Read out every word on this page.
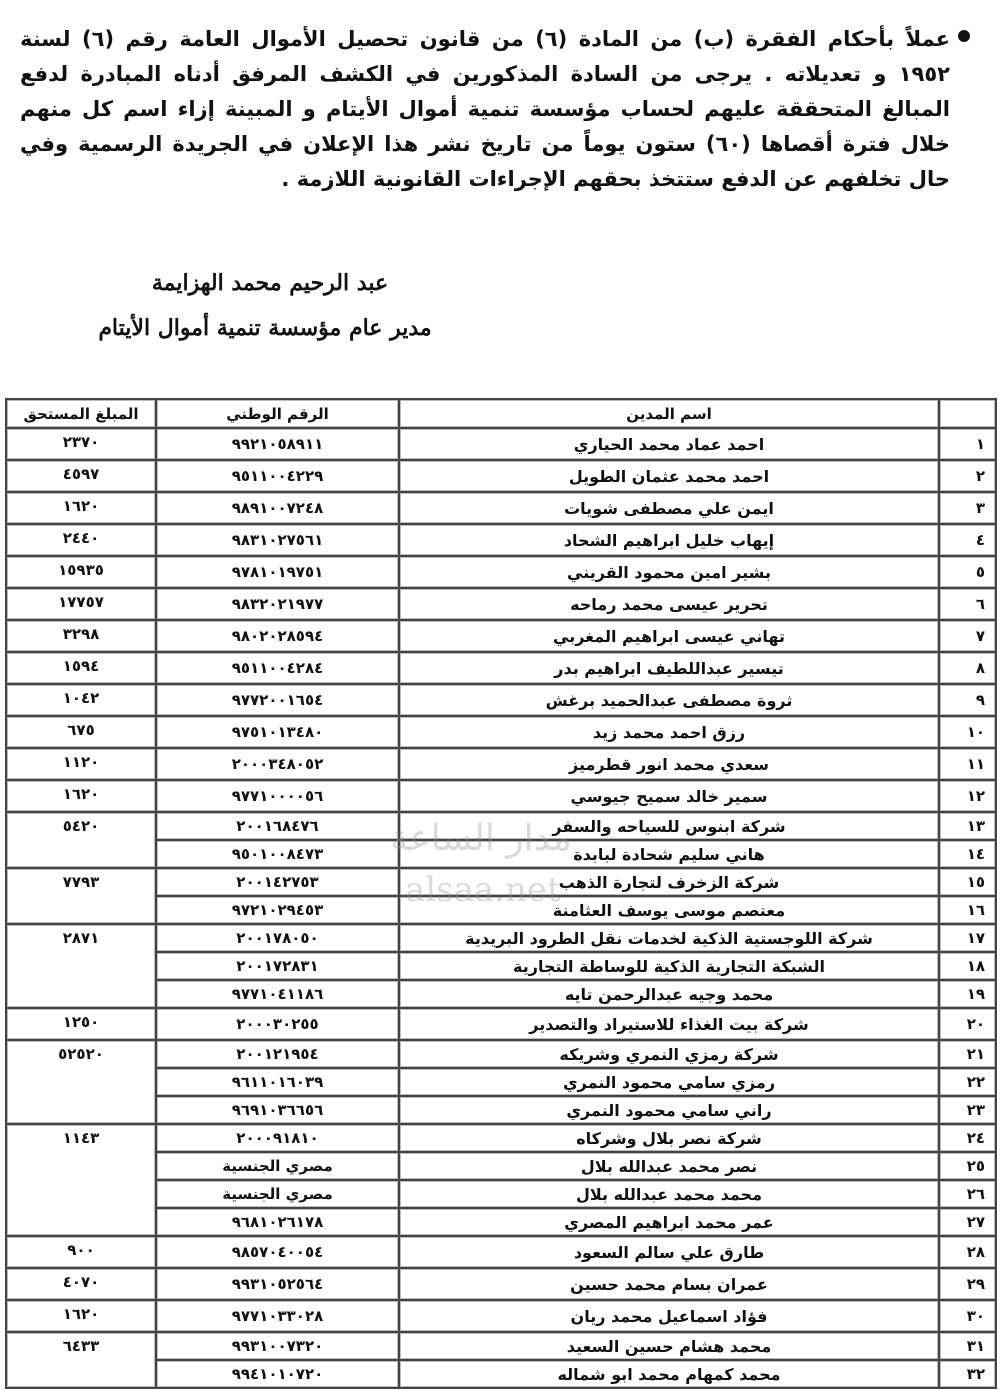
عملاً بأحكام الفقرة (ب) من المادة (٦) من قانون تحصيل الأموال العامة رقم (٦) لسنة ١٩٥٢ و تعديلاته . يرجى من السادة المذكورين في الكشف المرفق أدناه المبادرة لدفع المبالغ المتحققة عليهم لحساب مؤسسة تنمية أموال الأيتام و المبينة إزاء اسم كل منهم خلال فترة أقصاها (٦٠) ستون يوماً من تاريخ نشر هذا الإعلان في الجريدة الرسمية وفي حال تخلفهم عن الدفع ستتخذ بحقهم الإجراءات القانونية اللازمة .
عبد الرحيم محمد الهزايمة
مدير عام مؤسسة تنمية أموال الأيتام
	اسم المدين	الرقم الوطني	المبلغ المستحق
١	احمد عماد محمد الحياري	٩٩٢١٠٥٨٩١١	٢٣٧٠
٢	احمد محمد عثمان الطويل	٩٥١١٠٠٤٢٢٩	٤٥٩٧
٣	ايمن علي مصطفى شويات	٩٨٩١٠٠٧٢٤٨	١٦٢٠
٤	إيهاب خليل ابراهيم الشحاد	٩٨٣١٠٢٧٥٦١	٢٤٤٠
٥	بشير امين محمود القريني	٩٧٨١٠١٩٧٥١	١٥٩٣٥
٦	تحرير عيسى محمد رماحه	٩٨٣٢٠٢١٩٧٧	١٧٧٥٧
٧	تهاني عيسى ابراهيم المغربي	٩٨٠٢٠٢٨٥٩٤	٣٢٩٨
٨	تيسير عبداللطيف ابراهيم بدر	٩٥١١٠٠٤٢٨٤	١٥٩٤
٩	ثروة مصطفى عبدالحميد برغش	٩٧٧٢٠٠١٦٥٤	١٠٤٢
١٠	رزق احمد محمد زيد	٩٧٥١٠١٣٤٨٠	٦٧٥
١١	سعدي محمد انور قطرميز	٢٠٠٠٣٤٨٠٥٢	١١٢٠
١٢	سمير خالد سميح جيوسي	٩٧٧١٠٠٠٠٥٦	١٦٢٠
١٣	شركة ابنوس للسياحه والسفر	٢٠٠١٦٨٤٧٦	٥٤٢٠
١٤	هاني سليم شحادة لبابدة	٩٥٠١٠٠٨٤٧٣	
١٥	شركة الزخرف لتجارة الذهب	٢٠٠١٤٢٧٥٣	٧٧٩٣
١٦	معتصم موسى يوسف العثامنة	٩٧٢١٠٢٩٤٥٣	
١٧	شركة اللوجستية الذكية لخدمات نقل الطرود البريدية	٢٠٠١٧٨٠٥٠	٢٨٧١
١٨	الشبكة التجارية الذكية للوساطة التجارية	٢٠٠١٧٢٨٣١	
١٩	محمد وجيه عبدالرحمن تايه	٩٧٧١٠٤١١٨٦	
٢٠	شركة بيت الغذاء للاستيراد والتصدير	٢٠٠٠٣٠٢٥٥	١٢٥٠
٢١	شركة رمزي النمري وشريكه	٢٠٠١٢١٩٥٤	٥٢٥٢٠
٢٢	رمزي سامي محمود النمري	٩٦١١٠١٦٠٣٩	
٢٣	راني سامي محمود النمري	٩٦٩١٠٣٦٦٥٦	
٢٤	شركة نصر بلال وشركاه	٢٠٠٠٩١٨١٠	١١٤٣
٢٥	نصر محمد عبدالله بلال	مصري الجنسية	
٢٦	محمد محمد عبدالله بلال	مصري الجنسية	
٢٧	عمر محمد ابراهيم المصري	٩٦٨١٠٢٦١٧٨	
٢٨	طارق علي سالم السعود	٩٨٥٧٠٤٠٠٥٤	٩٠٠
٢٩	عمران بسام محمد حسين	٩٩٣١٠٥٢٥٦٤	٤٠٧٠
٣٠	فؤاد اسماعيل محمد ريان	٩٧٧١٠٣٣٠٢٨	١٦٢٠
٣١	محمد هشام حسين السعيد	٩٩٣١٠٠٧٣٢٠	٦٤٣٣
٣٢	محمد كمهام محمد ابو شماله	٩٩٤١٠١٠٧٢٠	
مدار الساعة
alsaa.net
